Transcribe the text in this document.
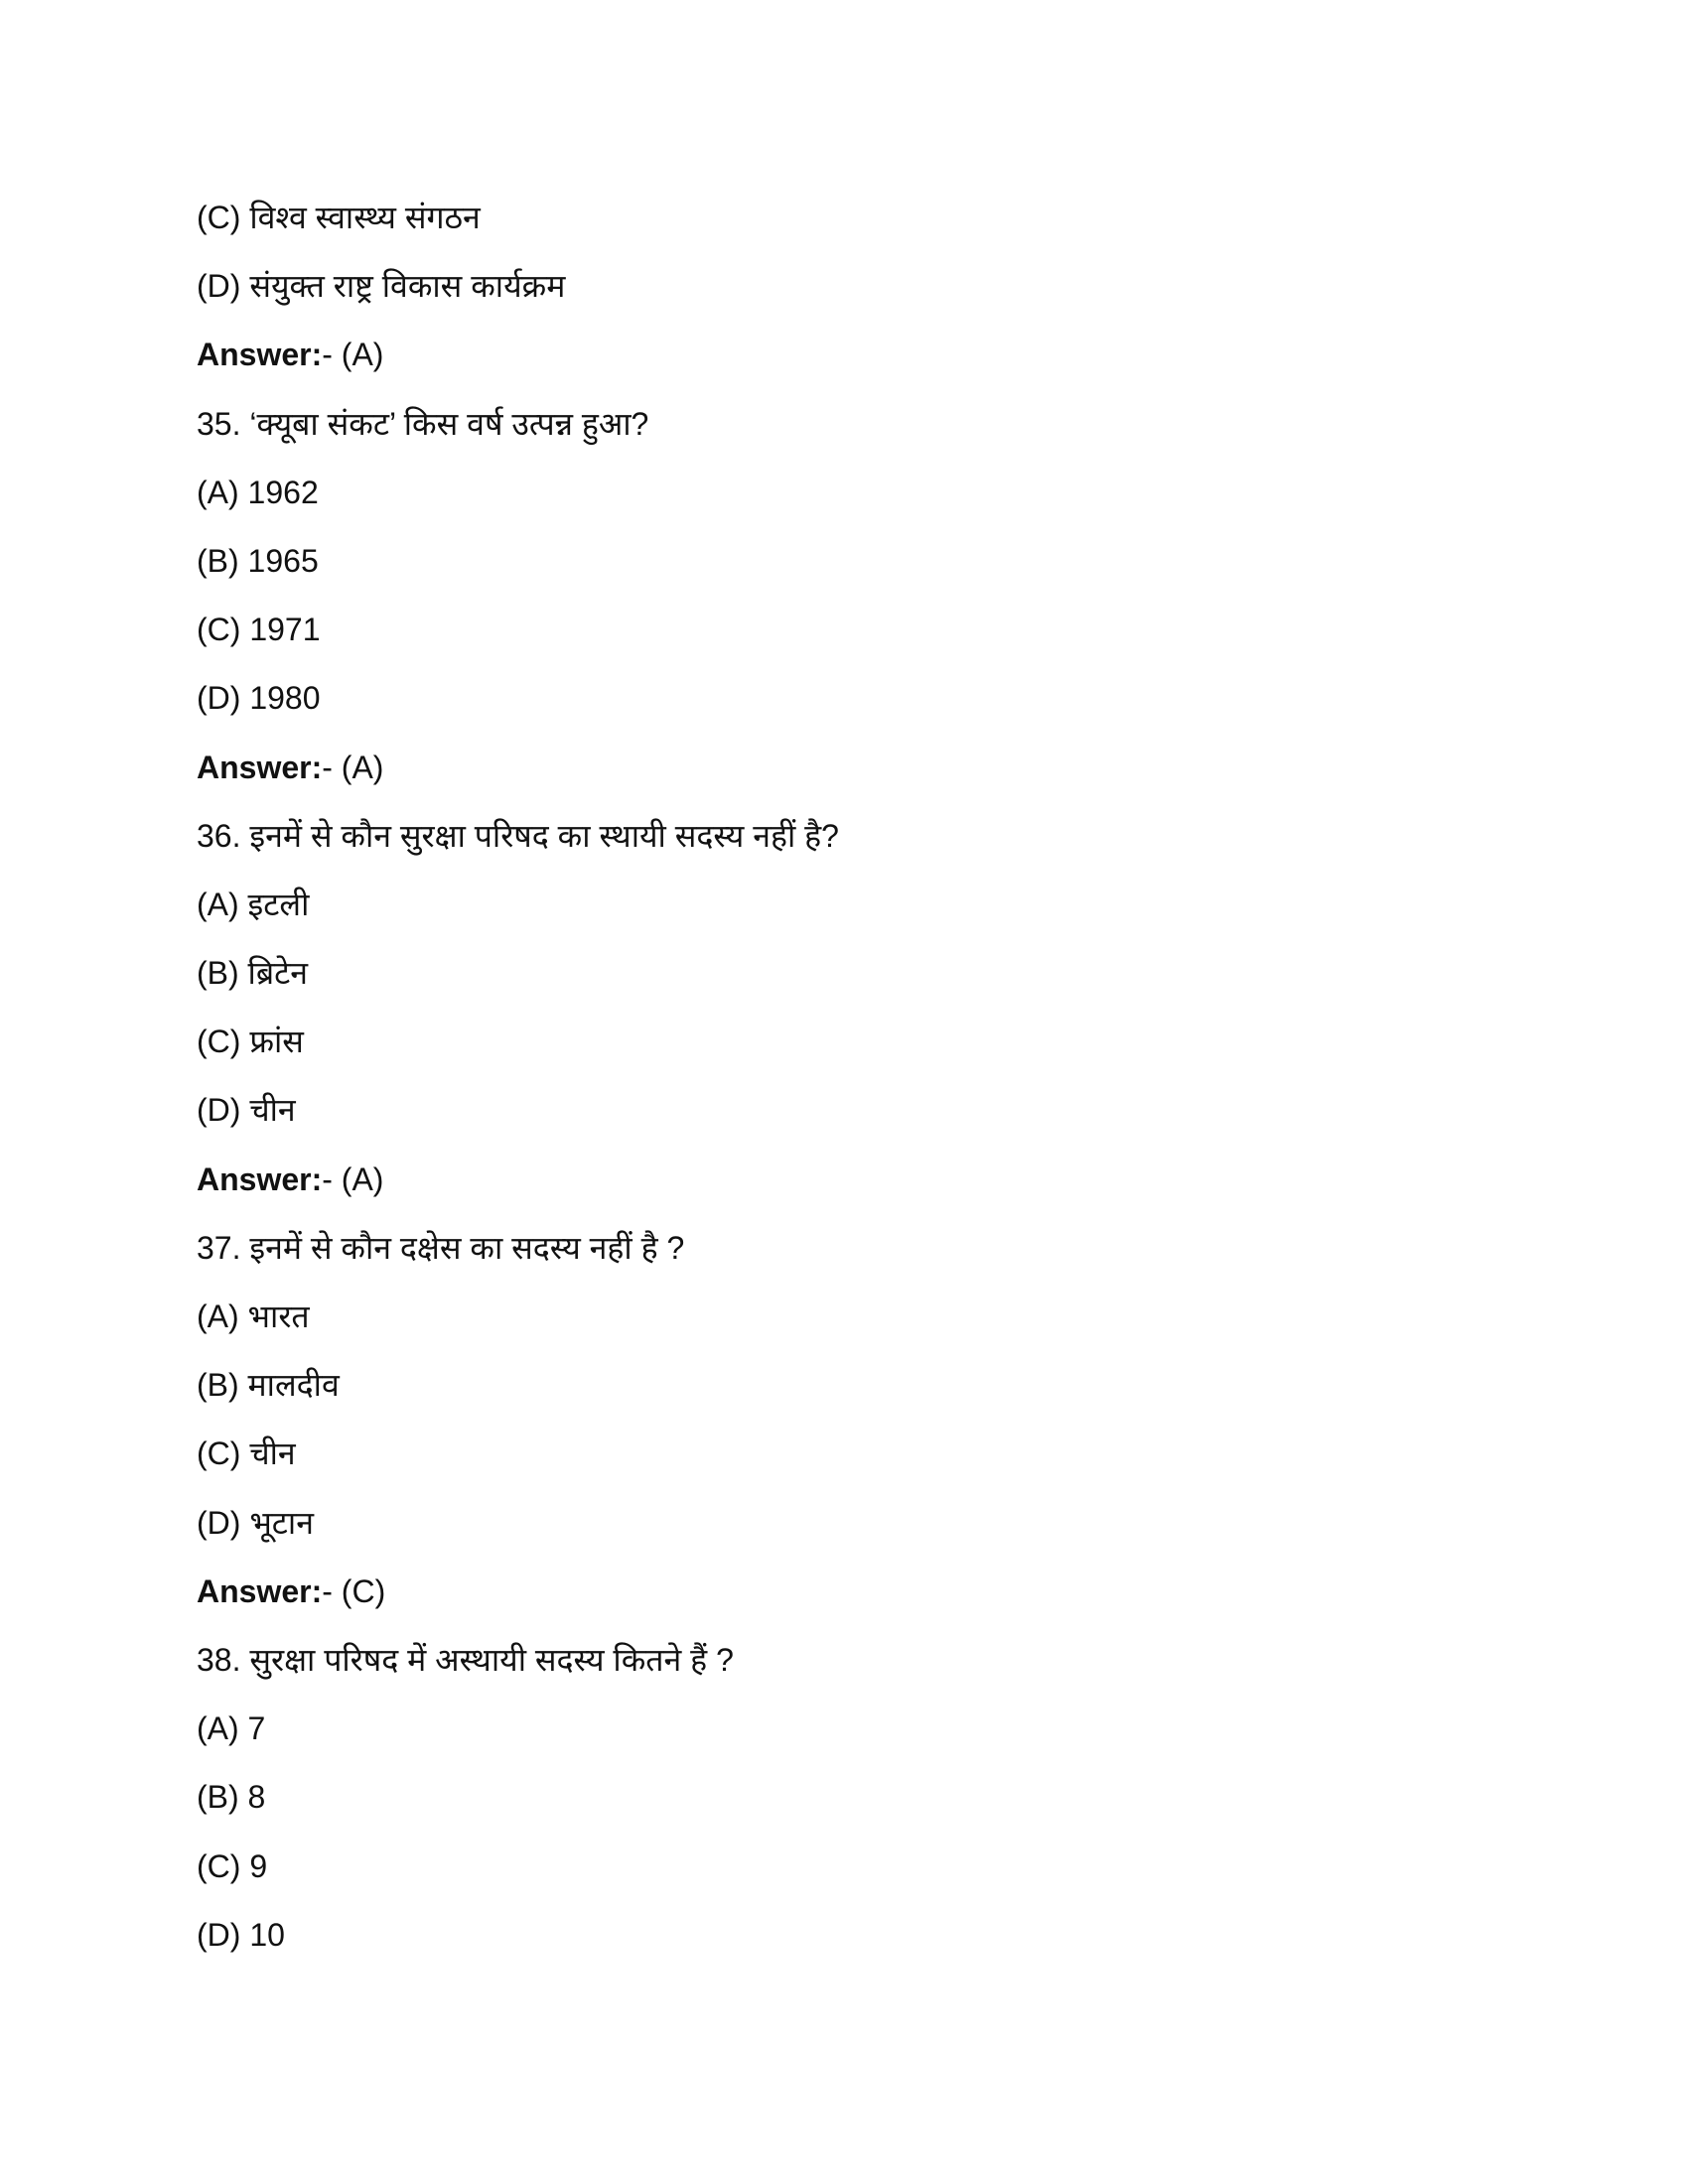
(C) विश्व स्वास्थ्य संगठन
(D) संयुक्त राष्ट्र विकास कार्यक्रम
Answer:- (A)
35. ‘क्यूबा संकट’ किस वर्ष उत्पन्न हुआ?
(A) 1962
(B) 1965
(C) 1971
(D) 1980
Answer:- (A)
36. इनमें से कौन सुरक्षा परिषद का स्थायी सदस्य नहीं है?
(A) इटली
(B) ब्रिटेन
(C) फ्रांस
(D) चीन
Answer:- (A)
37. इनमें से कौन दक्षेस का सदस्य नहीं है ?
(A) भारत
(B) मालदीव
(C) चीन
(D) भूटान
Answer:- (C)
38. सुरक्षा परिषद में अस्थायी सदस्य कितने हैं ?
(A) 7
(B) 8
(C) 9
(D) 10
